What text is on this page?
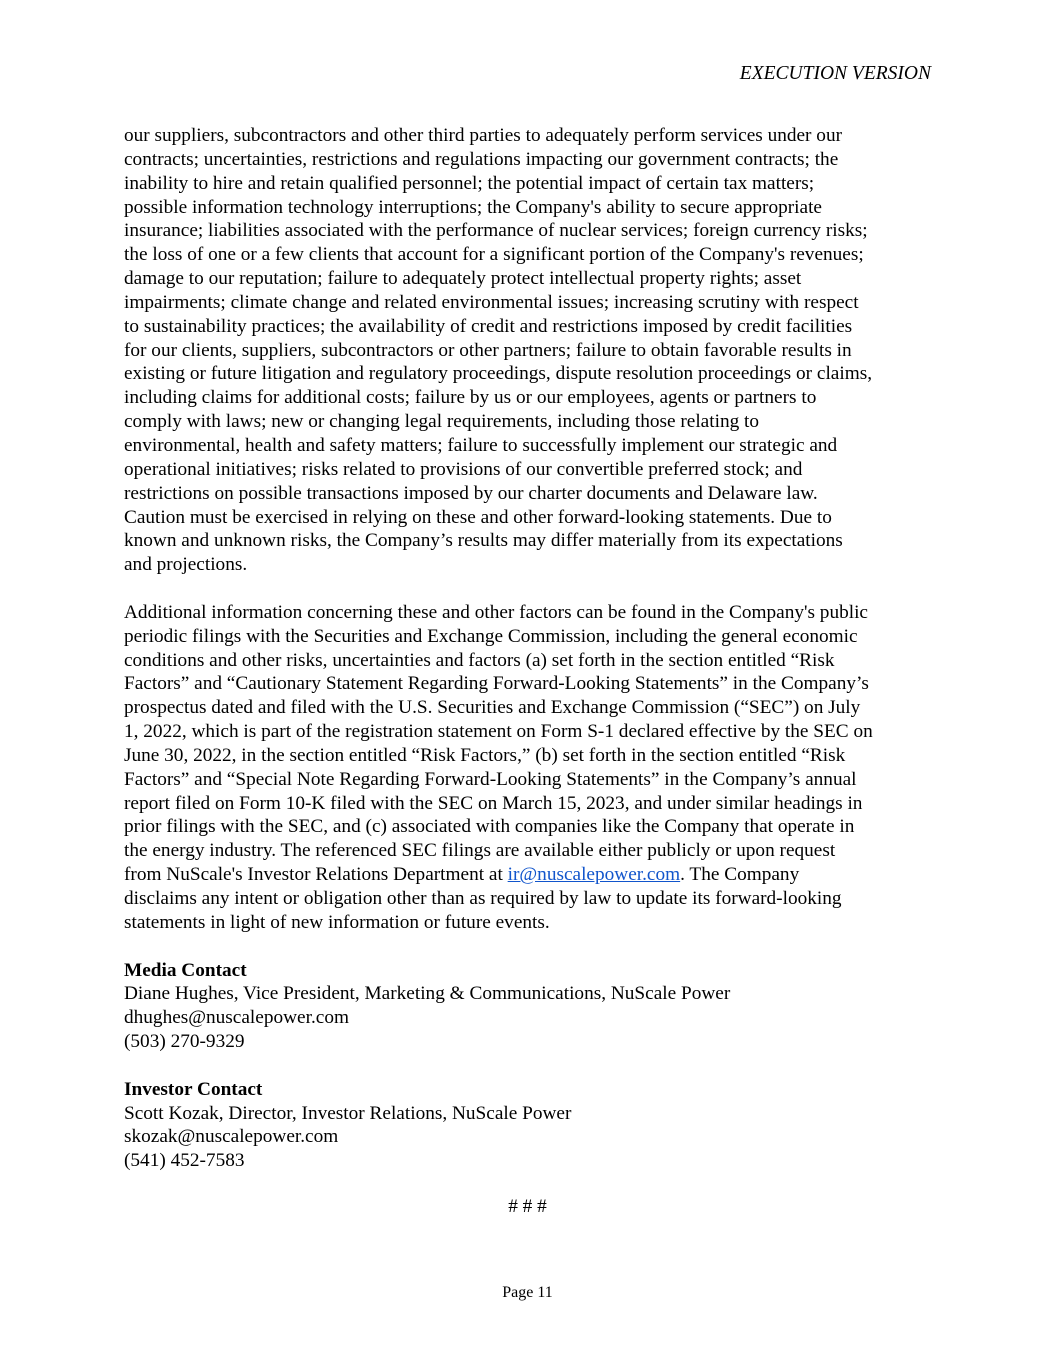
EXECUTION VERSION

our suppliers, subcontractors and other third parties to adequately perform services under our
contracts; uncertainties, restrictions and regulations impacting our government contracts; the
inability to hire and retain qualified personnel; the potential impact of certain tax matters;
possible information technology interruptions; the Company's ability to secure appropriate
insurance; liabilities associated with the performance of nuclear services; foreign currency risks;
the loss of one or a few clients that account for a significant portion of the Company's revenues;
damage to our reputation; failure to adequately protect intellectual property rights; asset
impairments; climate change and related environmental issues; increasing scrutiny with respect
to sustainability practices; the availability of credit and restrictions imposed by credit facilities
for our clients, suppliers, subcontractors or other partners; failure to obtain favorable results in
existing or future litigation and regulatory proceedings, dispute resolution proceedings or claims,
including claims for additional costs; failure by us or our employees, agents or partners to
comply with laws; new or changing legal requirements, including those relating to
environmental, health and safety matters; failure to successfully implement our strategic and
operational initiatives; risks related to provisions of our convertible preferred stock; and
restrictions on possible transactions imposed by our charter documents and Delaware law.
Caution must be exercised in relying on these and other forward-looking statements. Due to
known and unknown risks, the Company’s results may differ materially from its expectations
and projections.

Additional information concerning these and other factors can be found in the Company's public
periodic filings with the Securities and Exchange Commission, including the general economic
conditions and other risks, uncertainties and factors (a) set forth in the section entitled “Risk
Factors” and “Cautionary Statement Regarding Forward-Looking Statements” in the Company’s
prospectus dated and filed with the U.S. Securities and Exchange Commission (“SEC”) on July
1, 2022, which is part of the registration statement on Form S-1 declared effective by the SEC on
June 30, 2022, in the section entitled “Risk Factors,” (b) set forth in the section entitled “Risk
Factors” and “Special Note Regarding Forward-Looking Statements” in the Company’s annual
report filed on Form 10-K filed with the SEC on March 15, 2023, and under similar headings in
prior filings with the SEC, and (c) associated with companies like the Company that operate in
the energy industry. The referenced SEC filings are available either publicly or upon request
from NuScale's Investor Relations Department at ir@nuscalepower.com. The Company
disclaims any intent or obligation other than as required by law to update its forward-looking
statements in light of new information or future events.

Media Contact
Diane Hughes, Vice President, Marketing & Communications, NuScale Power
dhughes@nuscalepower.com
(503) 270-9329
Investor Contact
Scott Kozak, Director, Investor Relations, NuScale Power
skozak@nuscalepower.com
(541) 452-7583
# # #
Page 11
